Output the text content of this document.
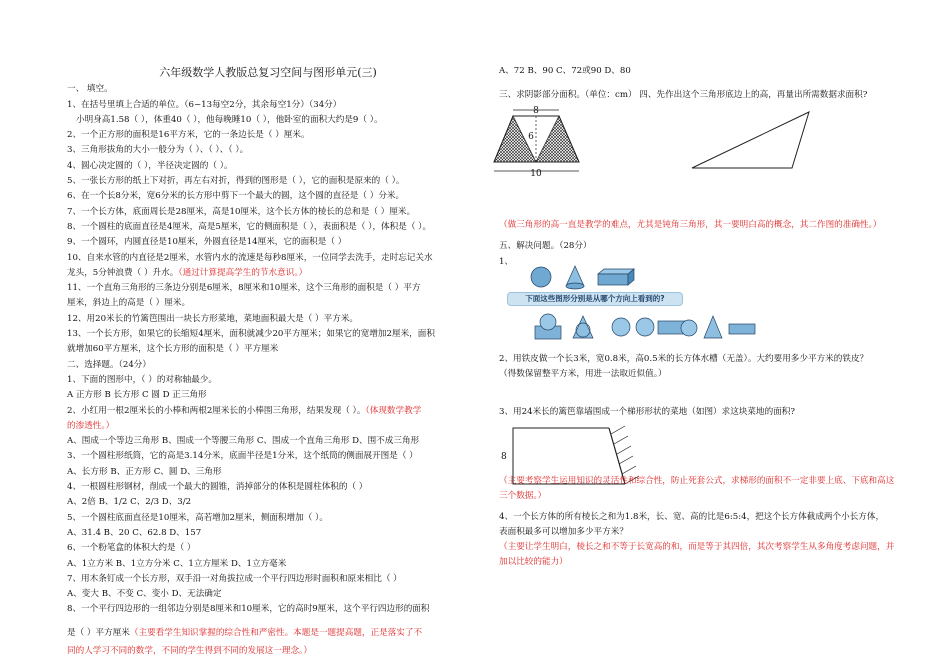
六年级数学人教版总复习空间与图形单元(三)

一、 填空。

1、在括号里填上合适的单位。（6~13每空2分，其余每空1分）（34分）

小明身高1.58（ ），体重40（ ），他每晚睡10（ ），他卧室的面积大约是9（ ）。

2、一个正方形的面积是16平方米，它的一条边长是（ ）厘米。

3、三角形拔角的大小一般分为（ ）、（ ）、（ ）。

4、圆心决定圆的（ ），半径决定圆的（ ）。

5、一张长方形的纸上下对折，再左右对折，得到的图形是（ ），它的面积是原来的（ ）。

6、在一个长8分米，宽6分米的长方形中剪下一个最大的圆，这个圆的直径是（ ）分米。

7、一个长方体，底面周长是28厘米，高是10厘米，这个长方体的棱长的总和是（ ）厘米。

8、一个圆柱的底面直径是4厘米，高是5厘米，它的侧面积是（ ），表面积是（ ），体积是（ ）。

9、一个圆环，内圆直径是10厘米，外圆直径是14厘米，它的面积是（ ）

10、自来水管的内直径是2厘米，水管内水的流速是每秒8厘米，一位同学去洗手，走时忘记关水

龙头，5分钟浪费（ ）升水。（通过计算提高学生的节水意识。）

11、一个直角三角形的三条边分别是6厘米，8厘米和10厘米，这个三角形的面积是（ ）平方

厘米，斜边上的高是（ ）厘米。

12、用20米长的竹篱笆围出一块长方形菜地，菜地面积最大是（ ）平方米。

13、一个长方形，如果它的长缩短4厘米，面积就减少20平方厘米；如果它的宽增加2厘米，面积

就增加60平方厘米，这个长方形的面积是（ ）平方厘米

二、选择题。（24分）

1、下面的图形中，（ ）的对称轴最少。

A 正方形 B 长方形 C 圆 D 正三角形

2、小红用一根2厘米长的小棒和两根2厘米长的小棒围三角形，结果发现（ ）。（体现数学教学

的渗透性。）

A、围成一个等边三角形 B、围成一个等腰三角形 C、围成一个直角三角形 D、围不成三角形

3、一个圆柱形纸筒，它的高是3.14分米，底面半径是1分米，这个纸筒的侧面展开图是（ ）

A、长方形 B、正方形 C、圆 D、三角形

4、一根圆柱形钢材，削成一个最大的圆锥，消掉部分的体积是圆柱体积的（ ）

A、2倍 B、1/2 C、2/3 D、3/2

5、一个圆柱底面直径是10厘米，高若增加2厘米，侧面积增加（ ）。

A、31.4 B、20 C、62.8 D、157

6、一个粉笔盒的体积大约是（ ）

A、1立方米 B、1立方分米 C、1立方厘米 D、1立方毫米

7、用木条钉成一个长方形，双手沿一对角拔拉成一个平行四边形时面积和原来相比（ ）

A、变大 B、不变 C、变小 D、无法确定

8、一个平行四边形的一组邻边分别是8厘米和10厘米，它的高时9厘米，这个平行四边形的面积

是（ ）平方厘米（主要看学生知识掌握的综合性和严密性。本题是一题提高题，正是落实了不

同的人学习不同的数学，不同的学生得到不同的发展这一理念。）

A、72 B、90 C、72或90 D、80

三、求阴影部分面积。（单位：cm） 四、先作出这个三角形底边上的高，再量出所需数据求面积?

8
6
10

（做三角形的高一直是教学的难点，尤其是钝角三角形，其一要明白高的概念，其二作图的准确性。）

五、解决问题。（28分）

1、

下面这些图形分别是从哪个方向上看到的?

2、用铁皮做一个长3米，宽0.8米，高0.5米的长方体水槽（无盖）。大约要用多少平方米的铁皮？

（得数保留整平方米，用进一法取近似值。）

3、用24米长的篱笆靠墙围成一个梯形形状的菜地（如图）求这块菜地的面积?

8

（主要考察学生运用知识的灵活性和综合性，防止死套公式，求梯形的面积不一定非要上底、下底和高这三个数据。）

4、一个长方体的所有棱长之和为1.8米，长、宽、高的比是6:5:4，把这个长方体截成两个小长方体，

表面积最多可以增加多少平方米？

（主要让学生明白，棱长之和不等于长宽高的和，而是等于其四倍，其次考察学生从多角度考虑问题，并加以比较的能力）
